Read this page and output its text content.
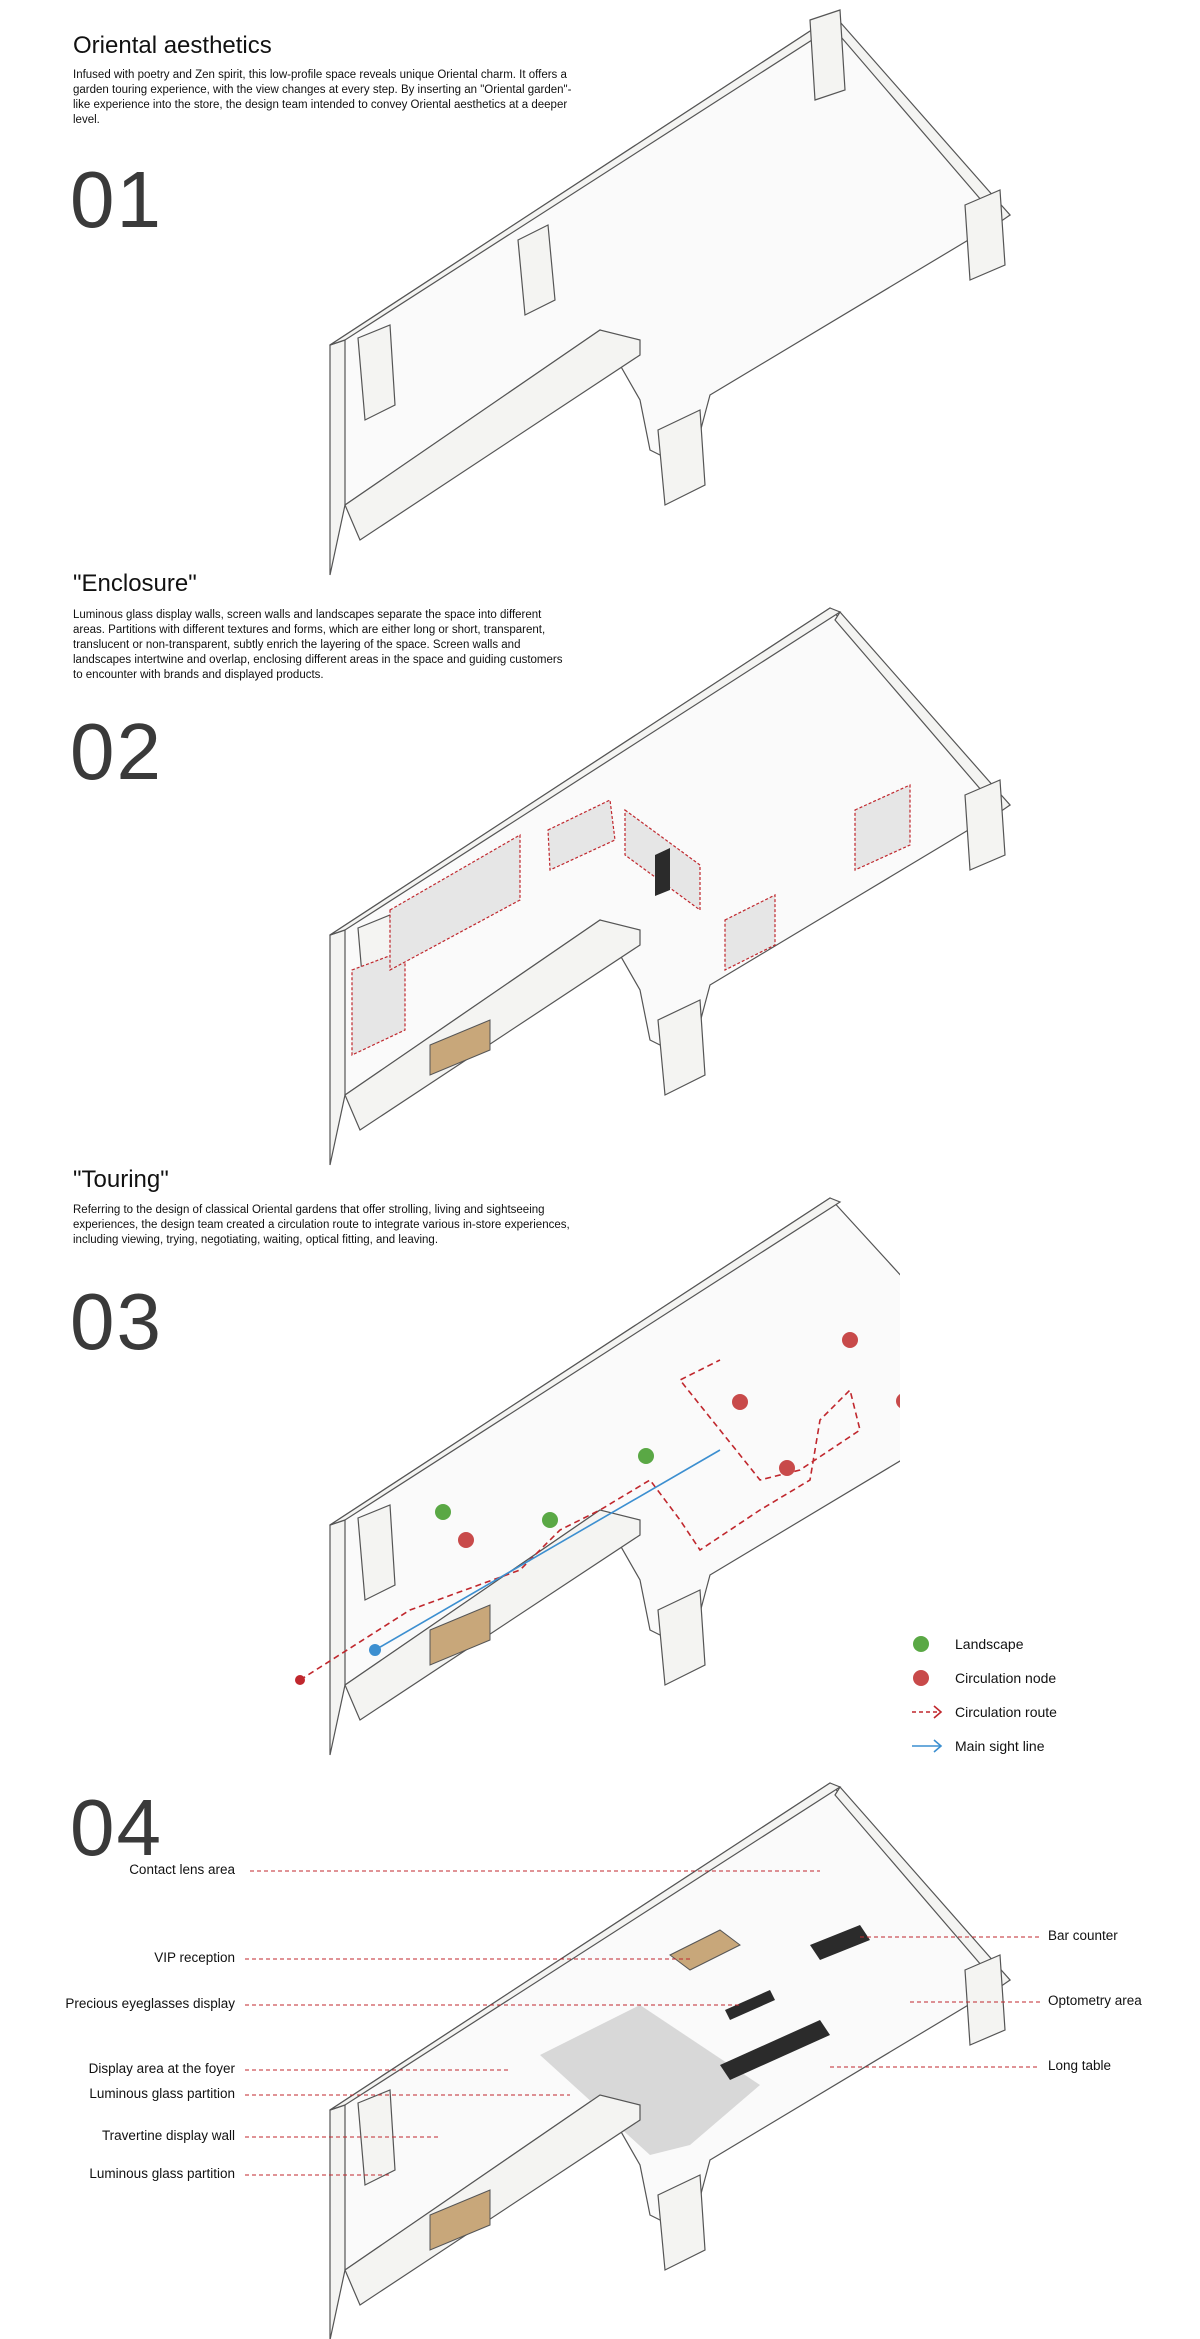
Oriental aesthetics

Infused with poetry and Zen spirit, this low-profile space reveals unique Oriental charm. It offers a garden touring experience, with the view changes at every step. By inserting an "Oriental garden"-like experience into the store, the design team intended to convey Oriental aesthetics at a deeper level.

01
"Enclosure"

Luminous glass display walls, screen walls and landscapes separate the space into different areas. Partitions with different textures and forms, which are either long or short, transparent, translucent or non-transparent, subtly enrich the layering of the space. Screen walls and landscapes intertwine and overlap, enclosing different areas in the space and guiding customers to encounter with brands and displayed products.

02
"Touring"

Referring to the design of classical Oriental gardens that offer strolling, living and sightseeing experiences, the design team created a circulation route to integrate various in-store experiences, including viewing, trying, negotiating, waiting, optical fitting, and leaving.

03
Landscape
Circulation node
Circulation route
Main sight line
04
Contact lens area
VIP reception
Precious eyeglasses display
Display area at the foyer
Luminous glass partition
Travertine display wall
Luminous glass partition
Bar counter
Optometry area
Long table
